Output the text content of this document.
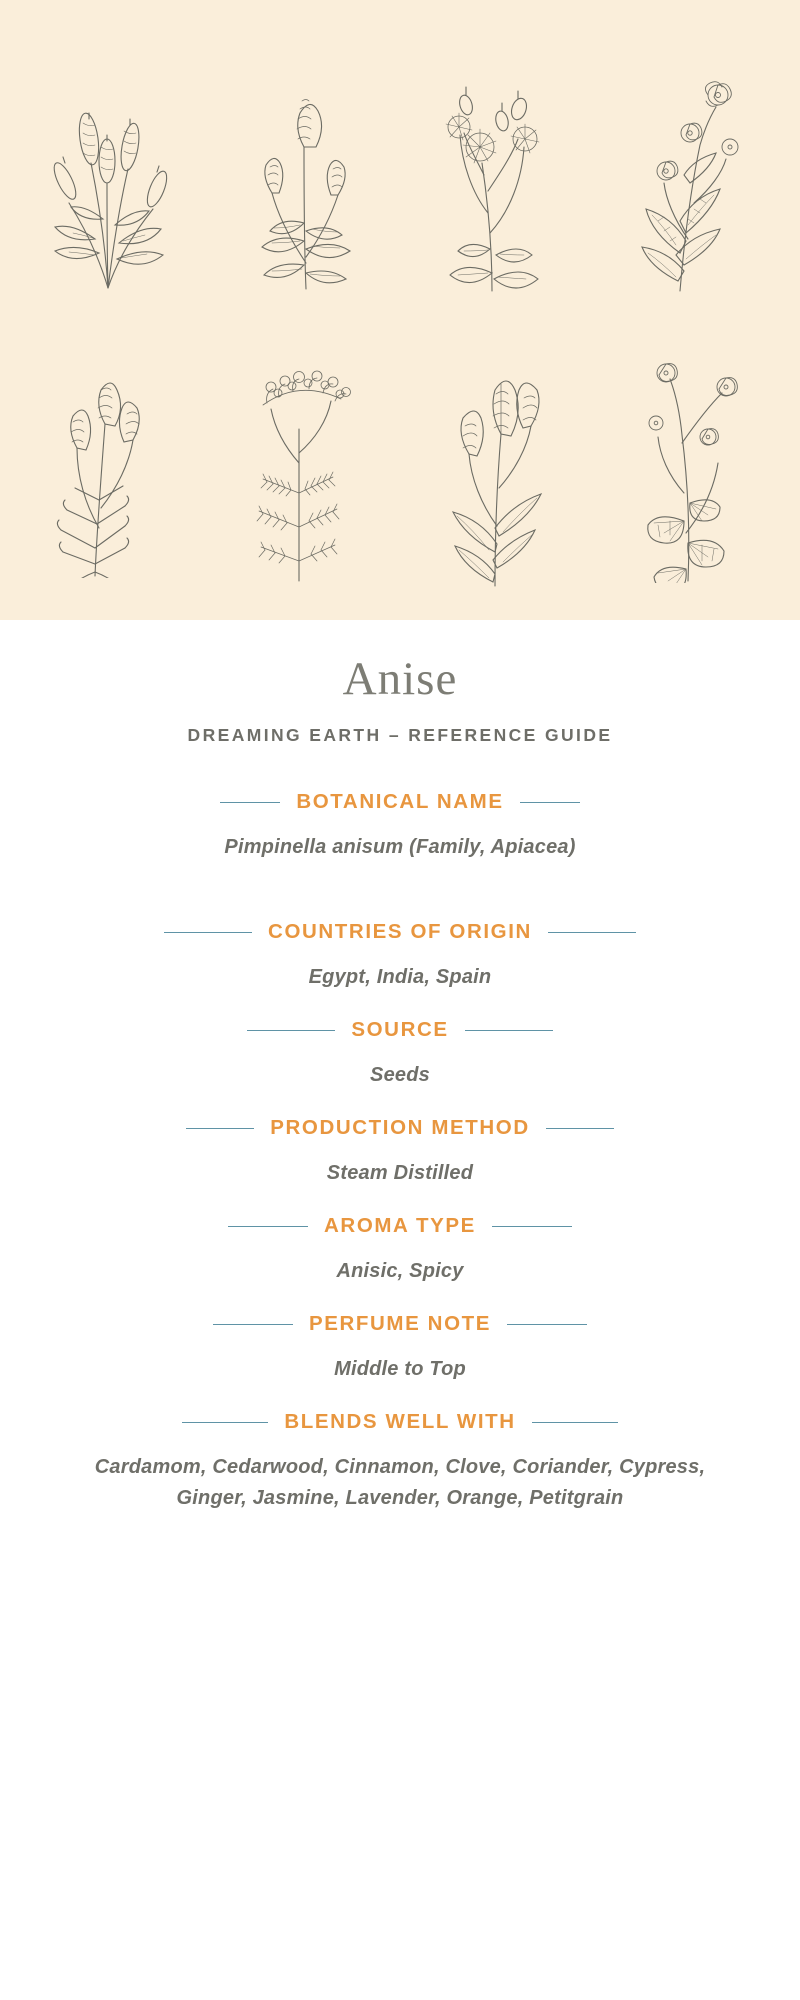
Anise
DREAMING EARTH – REFERENCE GUIDE
BOTANICAL NAME
Pimpinella anisum (Family, Apiacea)
COUNTRIES OF ORIGIN
Egypt, India, Spain
SOURCE
Seeds
PRODUCTION METHOD
Steam Distilled
AROMA TYPE
Anisic, Spicy
PERFUME NOTE
Middle to Top
BLENDS WELL WITH
Cardamom, Cedarwood, Cinnamon, Clove, Coriander, Cypress, Ginger, Jasmine, Lavender, Orange, Petitgrain
